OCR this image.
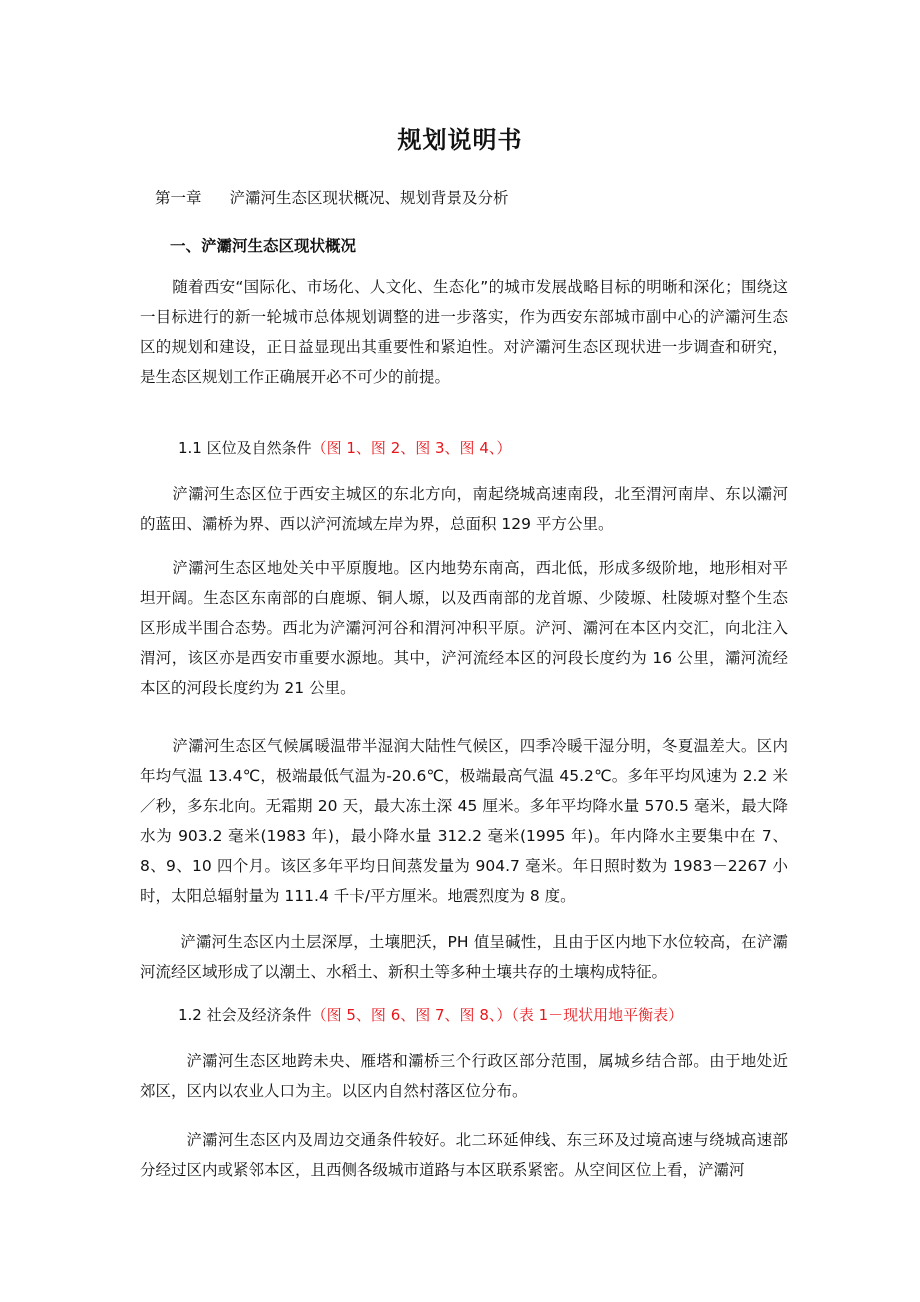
规划说明书
第一章 浐灞河生态区现状概况、规划背景及分析
一、浐灞河生态区现状概况
随着西安“国际化、市场化、人文化、生态化”的城市发展战略目标的明晰和深化；围绕这一目标进行的新一轮城市总体规划调整的进一步落实，作为西安东部城市副中心的浐灞河生态区的规划和建设，正日益显现出其重要性和紧迫性。对浐灞河生态区现状进一步调查和研究，是生态区规划工作正确展开必不可少的前提。
1.1 区位及自然条件（图 1、图 2、图 3、图 4、）
浐灞河生态区位于西安主城区的东北方向，南起绕城高速南段，北至渭河南岸、东以灞河的蓝田、灞桥为界、西以浐河流域左岸为界，总面积 129 平方公里。
浐灞河生态区地处关中平原腹地。区内地势东南高，西北低，形成多级阶地，地形相对平坦开阔。生态区东南部的白鹿塬、铜人塬，以及西南部的龙首塬、少陵塬、杜陵塬对整个生态区形成半围合态势。西北为浐灞河河谷和渭河冲积平原。浐河、灞河在本区内交汇，向北注入渭河，该区亦是西安市重要水源地。其中，浐河流经本区的河段长度约为 16 公里，灞河流经本区的河段长度约为 21 公里。
浐灞河生态区气候属暖温带半湿润大陆性气候区，四季冷暖干湿分明，冬夏温差大。区内年均气温 13.4℃，极端最低气温为-20.6℃，极端最高气温 45.2℃。多年平均风速为 2.2 米／秒，多东北向。无霜期 20 天，最大冻土深 45 厘米。多年平均降水量 570.5 毫米，最大降水为 903.2 毫米(1983 年)，最小降水量 312.2 毫米(1995 年)。年内降水主要集中在 7、8、9、10 四个月。该区多年平均日间蒸发量为 904.7 毫米。年日照时数为 1983－2267 小时，太阳总辐射量为 111.4 千卡/平方厘米。地震烈度为 8 度。
浐灞河生态区内土层深厚，土壤肥沃，PH 值呈碱性，且由于区内地下水位较高，在浐灞河流经区域形成了以潮土、水稻土、新积土等多种土壤共存的土壤构成特征。
1.2 社会及经济条件（图 5、图 6、图 7、图 8、）（表 1－现状用地平衡表）
浐灞河生态区地跨未央、雁塔和灞桥三个行政区部分范围，属城乡结合部。由于地处近郊区，区内以农业人口为主。以区内自然村落区位分布。
浐灞河生态区内及周边交通条件较好。北二环延伸线、东三环及过境高速与绕城高速部分经过区内或紧邻本区，且西侧各级城市道路与本区联系紧密。从空间区位上看，浐灞河
